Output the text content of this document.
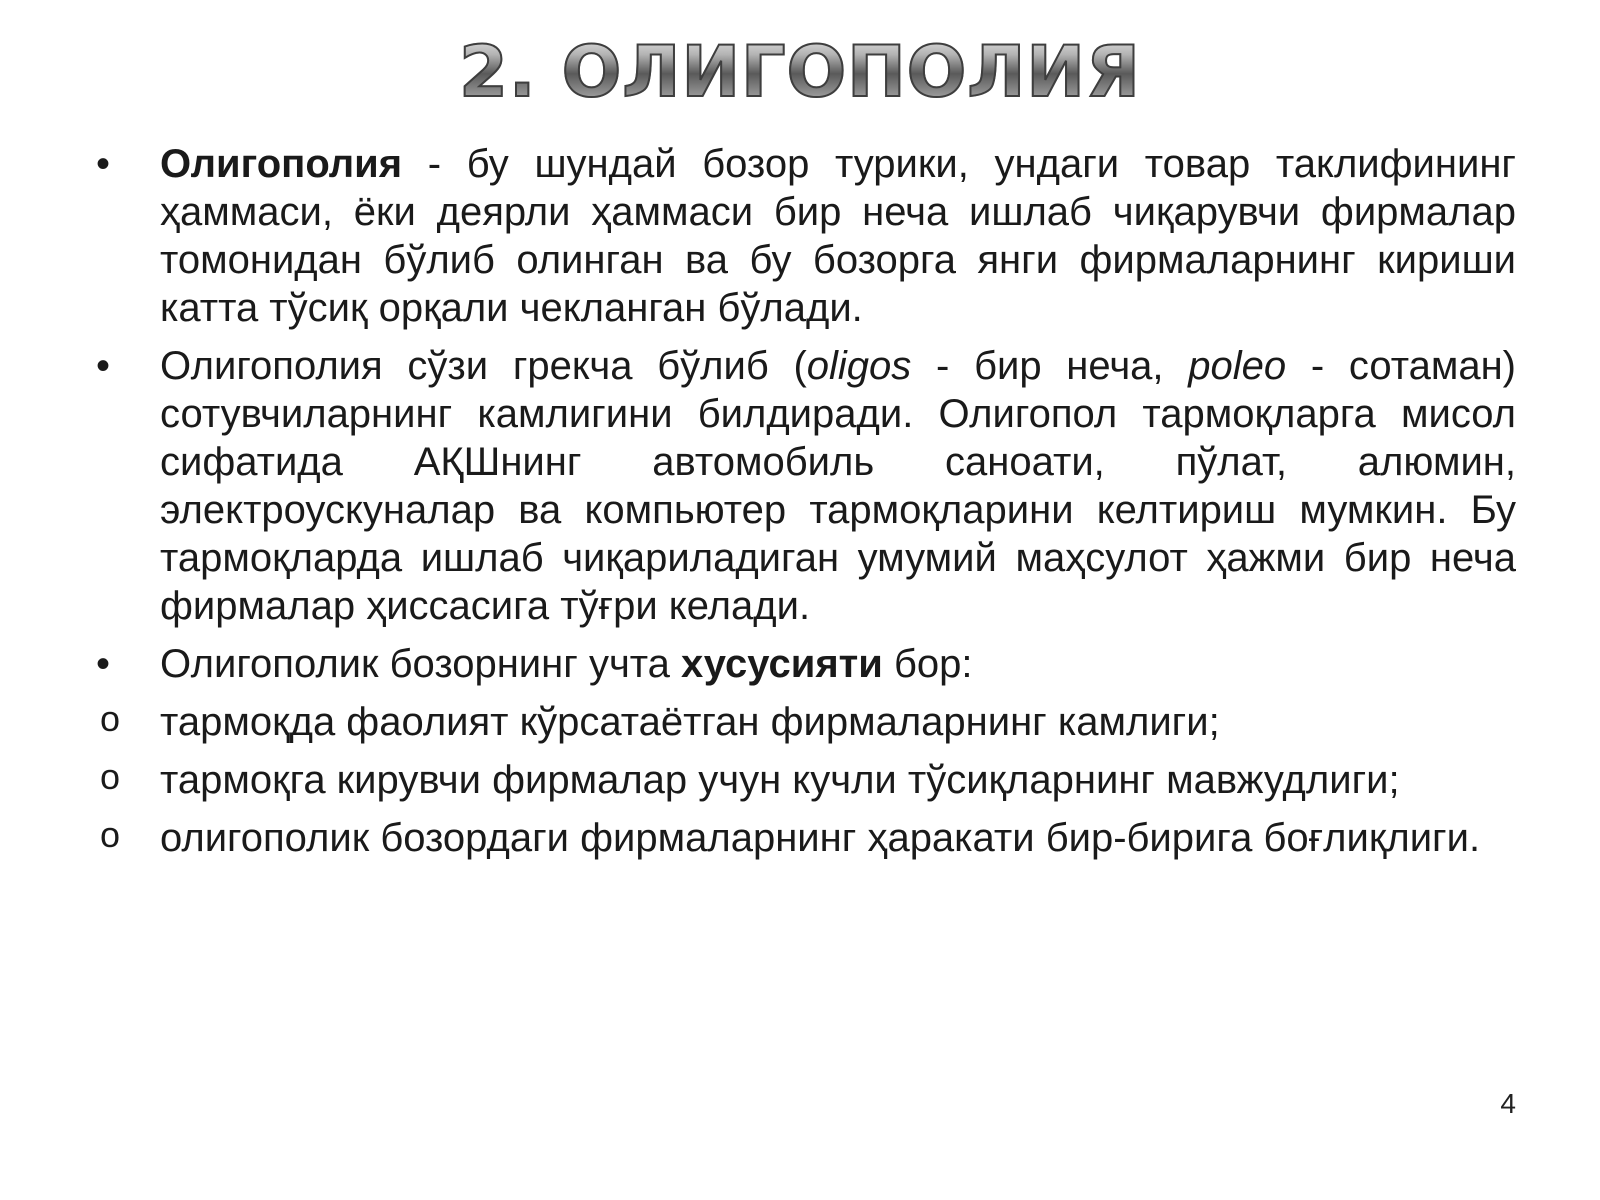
2. ОЛИГОПОЛИЯ
•	Олигополия - бу шундай бозор турики, ундаги товар таклифининг ҳаммаси, ёки деярли ҳаммаси бир неча ишлаб чиқарувчи фирмалар томонидан бўлиб олинган ва бу бозорга янги фирмаларнинг кириши катта тўсиқ орқали чекланган бўлади.
•	Олигополия сўзи грекча бўлиб (oligos - бир неча, poleo - сотаман) сотувчиларнинг камлигини билдиради. Олигопол тармоқларга мисол сифатида АҚШнинг автомобиль саноати, пўлат, алюмин, электроускуналар ва компьютер тармоқларини келтириш мумкин. Бу тармоқларда ишлаб чиқариладиган умумий маҳсулот ҳажми бир неча фирмалар ҳиссасига тўғри келади.
•	Олигополик бозорнинг учта хусусияти бор:
o тармоқда фаолият кўрсатаётган фирмаларнинг камлиги;
o тармоқга кирувчи фирмалар учун кучли тўсиқларнинг мавжудлиги;
o олигополик бозордаги фирмаларнинг ҳаракати бир-бирига боғлиқлиги.
4
